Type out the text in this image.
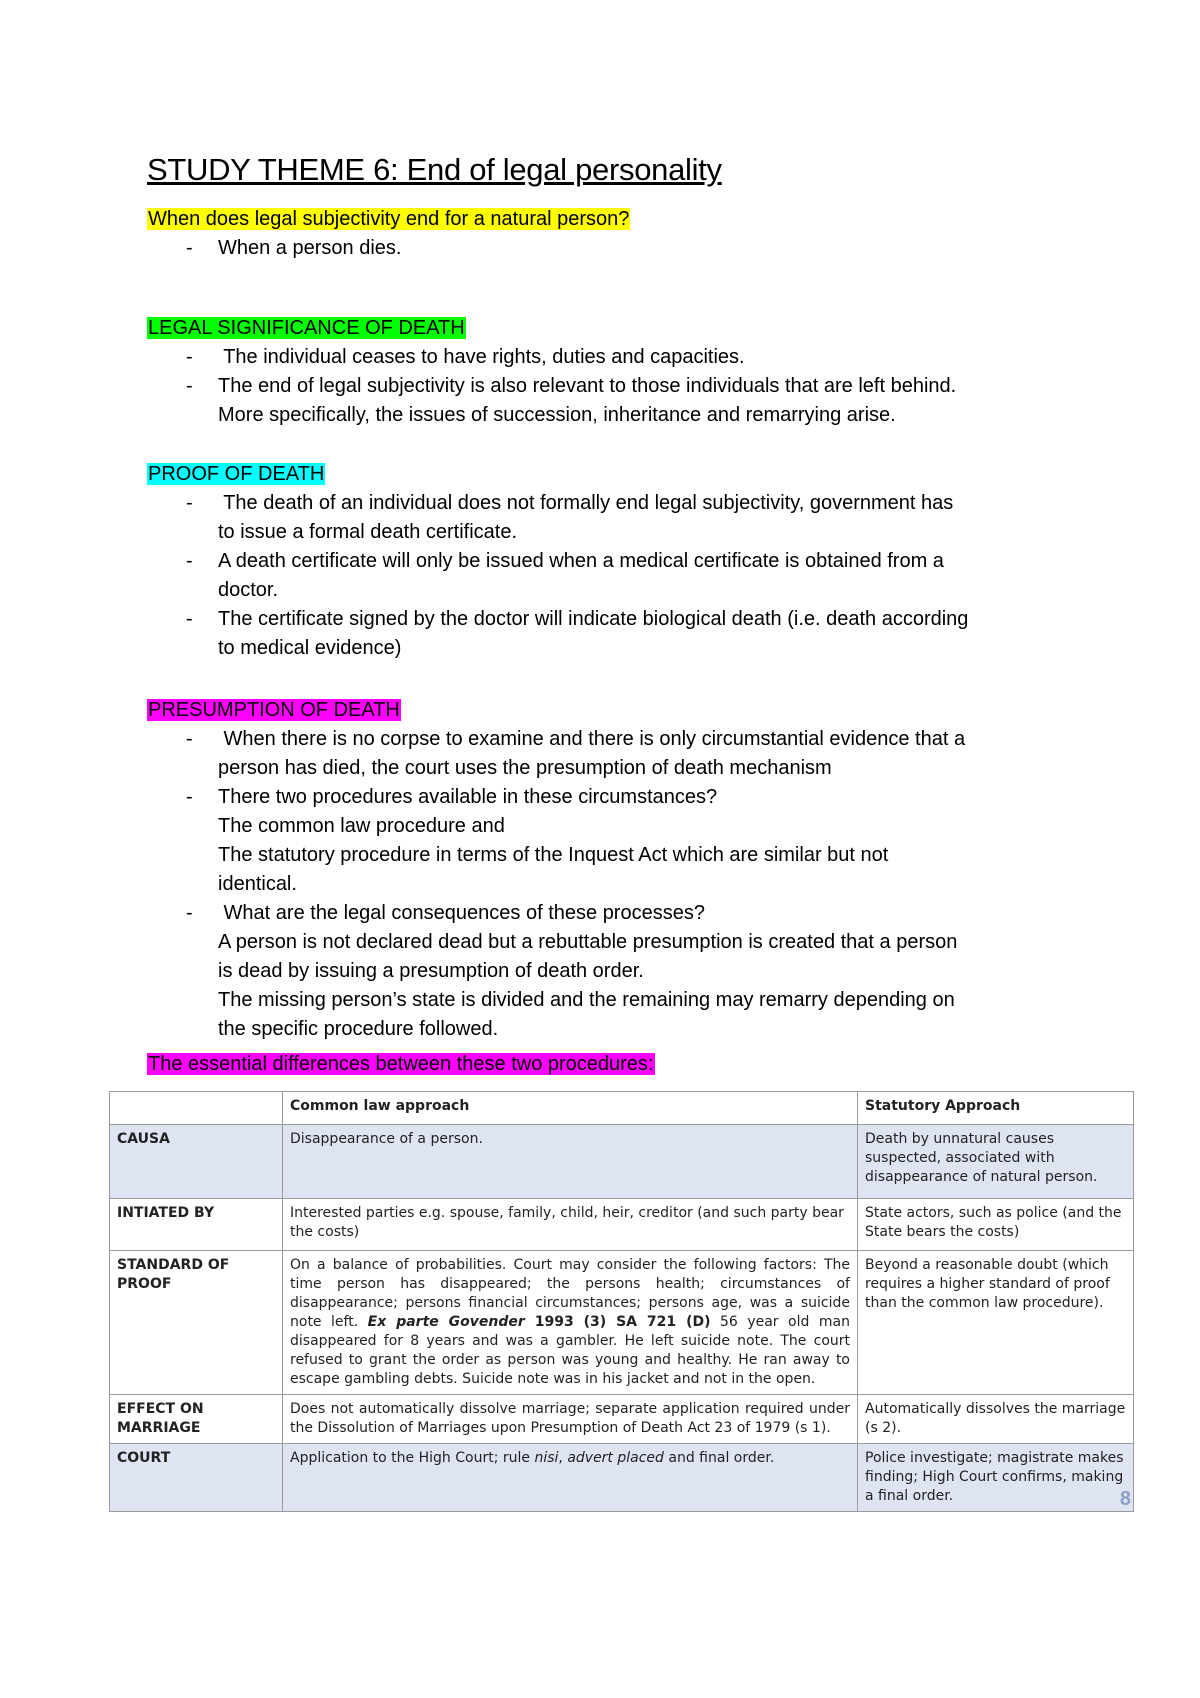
STUDY THEME 6: End of legal personality

When does legal subjectivity end for a natural person?

- When a person dies.

LEGAL SIGNIFICANCE OF DEATH

- The individual ceases to have rights, duties and capacities.
- The end of legal subjectivity is also relevant to those individuals that are left behind.
More specifically, the issues of succession, inheritance and remarrying arise.

PROOF OF DEATH

- The death of an individual does not formally end legal subjectivity, government has
to issue a formal death certificate.
- A death certificate will only be issued when a medical certificate is obtained from a
doctor.
- The certificate signed by the doctor will indicate biological death (i.e. death according
to medical evidence)

PRESUMPTION OF DEATH

- When there is no corpse to examine and there is only circumstantial evidence that a
person has died, the court uses the presumption of death mechanism
- There two procedures available in these circumstances?
The common law procedure and
The statutory procedure in terms of the Inquest Act which are similar but not
identical.
- What are the legal consequences of these processes?
A person is not declared dead but a rebuttable presumption is created that a person
is dead by issuing a presumption of death order.
The missing person’s state is divided and the remaining may remarry depending on
the specific procedure followed.

The essential differences between these two procedures:

	Common law approach	Statutory Approach
CAUSA	Disappearance of a person.	Death by unnatural causes suspected, associated with disappearance of natural person.
INTIATED BY	Interested parties e.g. spouse, family, child, heir, creditor (and such party bear the costs)	State actors, such as police (and the State bears the costs)
STANDARD OF PROOF	On a balance of probabilities. Court may consider the following factors: The time person has disappeared; the persons health; circumstances of disappearance; persons financial circumstances; persons age, was a suicide note left. Ex parte Govender 1993 (3) SA 721 (D) 56 year old man disappeared for 8 years and was a gambler. He left suicide note. The court refused to grant the order as person was young and healthy. He ran away to escape gambling debts. Suicide note was in his jacket and not in the open.	Beyond a reasonable doubt (which requires a higher standard of proof than the common law procedure).
EFFECT ON MARRIAGE	Does not automatically dissolve marriage; separate application required under the Dissolution of Marriages upon Presumption of Death Act 23 of 1979 (s 1).	Automatically dissolves the marriage (s 2).
COURT	Application to the High Court; rule nisi, advert placed and final order.	Police investigate; magistrate makes finding; High Court confirms, making a final order. 8
